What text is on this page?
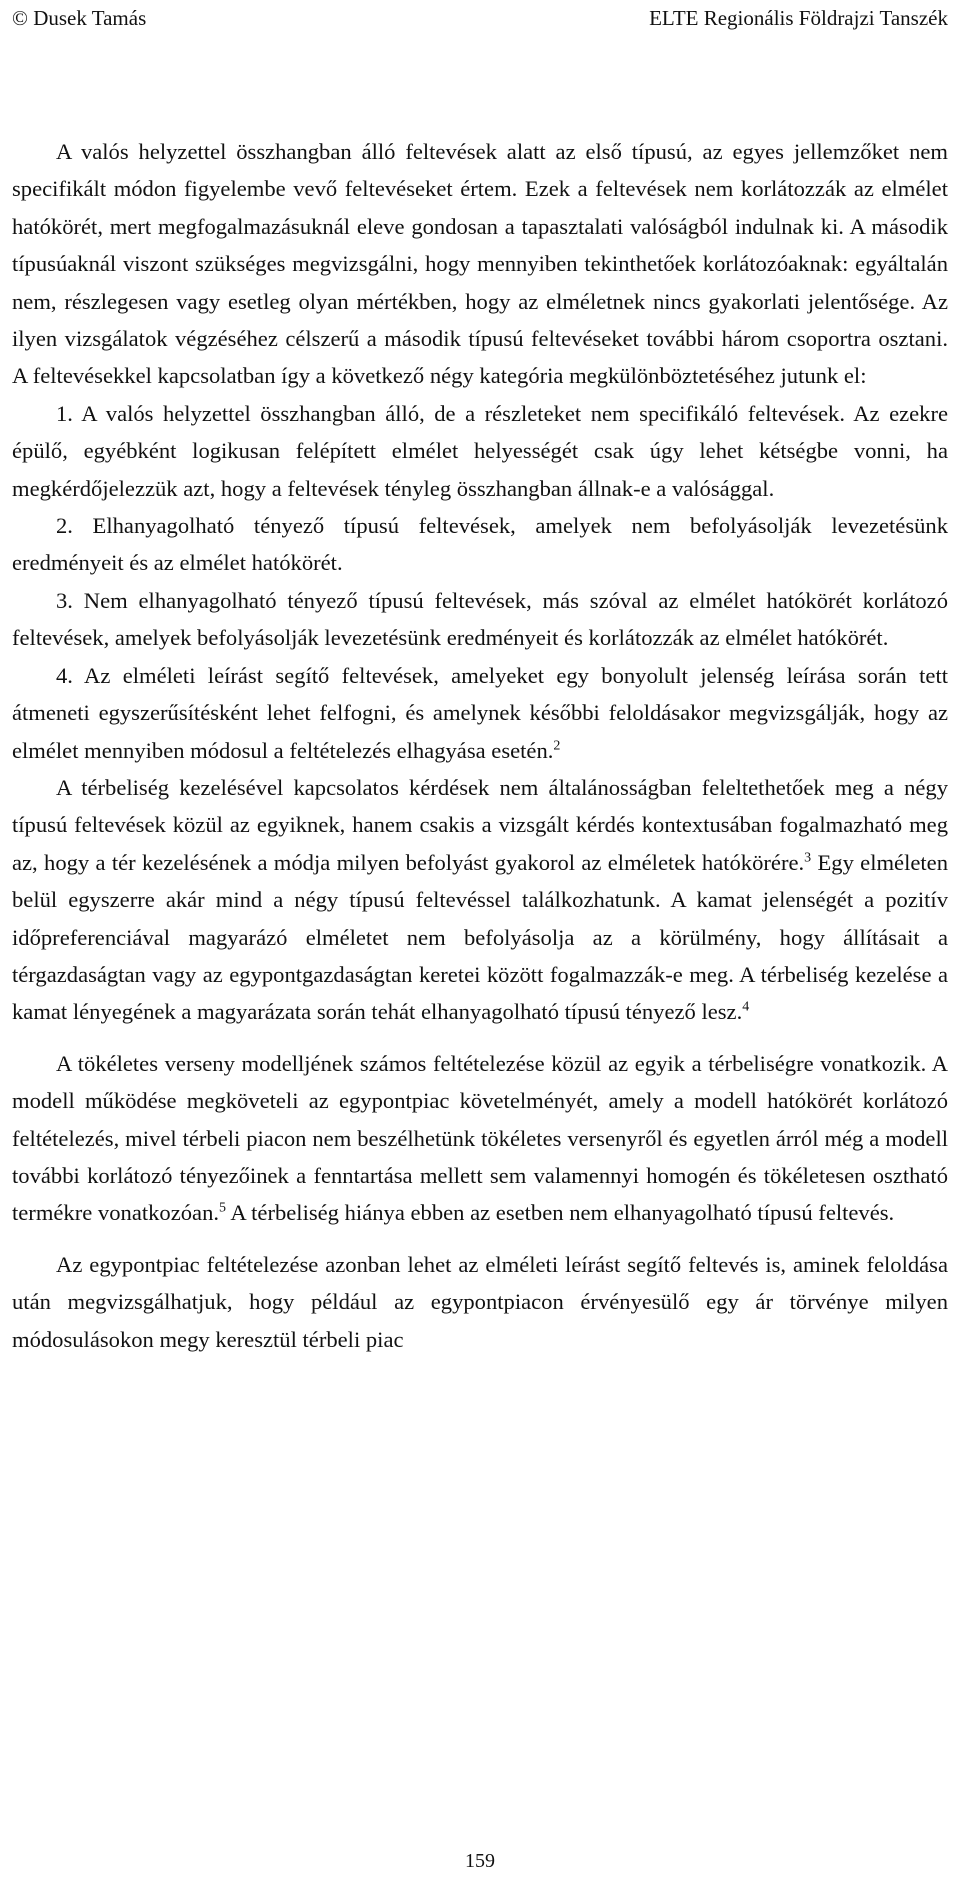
© Dusek Tamás	ELTE Regionális Földrajzi Tanszék

A valós helyzettel összhangban álló feltevések alatt az első típusú, az egyes jellemzőket nem specifikált módon figyelembe vevő feltevéseket értem. Ezek a feltevések nem korlátozzák az elmélet hatókörét, mert megfogalmazásuknál eleve gondosan a tapasztalati valóságból indulnak ki. A második típusúaknál viszont szükséges megvizsgálni, hogy mennyiben tekinthetőek korlátozóaknak: egyáltalán nem, részlegesen vagy esetleg olyan mértékben, hogy az elméletnek nincs gyakorlati jelentősége. Az ilyen vizsgálatok végzéséhez célszerű a második típusú feltevéseket további három csoportra osztani. A feltevésekkel kapcsolatban így a következő négy kategória megkülönböztetéséhez jutunk el:

1. A valós helyzettel összhangban álló, de a részleteket nem specifikáló feltevések. Az ezekre épülő, egyébként logikusan felépített elmélet helyességét csak úgy lehet kétségbe vonni, ha megkérdőjelezzük azt, hogy a feltevések tényleg összhangban állnak-e a valósággal.

2. Elhanyagolható tényező típusú feltevések, amelyek nem befolyásolják levezetésünk eredményeit és az elmélet hatókörét.

3. Nem elhanyagolható tényező típusú feltevések, más szóval az elmélet hatókörét korlátozó feltevések, amelyek befolyásolják levezetésünk eredményeit és korlátozzák az elmélet hatókörét.

4. Az elméleti leírást segítő feltevések, amelyeket egy bonyolult jelenség leírása során tett átmeneti egyszerűsítésként lehet felfogni, és amelynek későbbi feloldásakor megvizsgálják, hogy az elmélet mennyiben módosul a feltételezés elhagyása esetén.$^2$

A térbeliség kezelésével kapcsolatos kérdések nem általánosságban feleltethetőek meg a négy típusú feltevések közül az egyiknek, hanem csakis a vizsgált kérdés kontextusában fogalmazható meg az, hogy a tér kezelésének a módja milyen befolyást gyakorol az elméletek hatókörére.$^3$ Egy elméleten belül egyszerre akár mind a négy típusú feltevéssel találkozhatunk. A kamat jelenségét a pozitív időpreferenciával magyarázó elméletet nem befolyásolja az a körülmény, hogy állításait a térgazdaságtan vagy az egypontgazdaságtan keretei között fogalmazzák-e meg. A térbeliség kezelése a kamat lényegének a magyarázata során tehát elhanyagolható típusú tényező lesz.$^4$

A tökéletes verseny modelljének számos feltételezése közül az egyik a térbeliségre vonatkozik. A modell működése megköveteli az egypontpiac követelményét, amely a modell hatókörét korlátozó feltételezés, mivel térbeli piacon nem beszélhetünk tökéletes versenyről és egyetlen árról még a modell további korlátozó tényezőinek a fenntartása mellett sem valamennyi homogén és tökéletesen osztható termékre vonatkozóan.$^5$ A térbeliség hiánya ebben az esetben nem elhanyagolható típusú feltevés.

Az egypontpiac feltételezése azonban lehet az elméleti leírást segítő feltevés is, aminek feloldása után megvizsgálhatjuk, hogy például az egypontpiacon érvényesülő egy ár törvénye milyen módosulásokon megy keresztül térbeli piac

159
